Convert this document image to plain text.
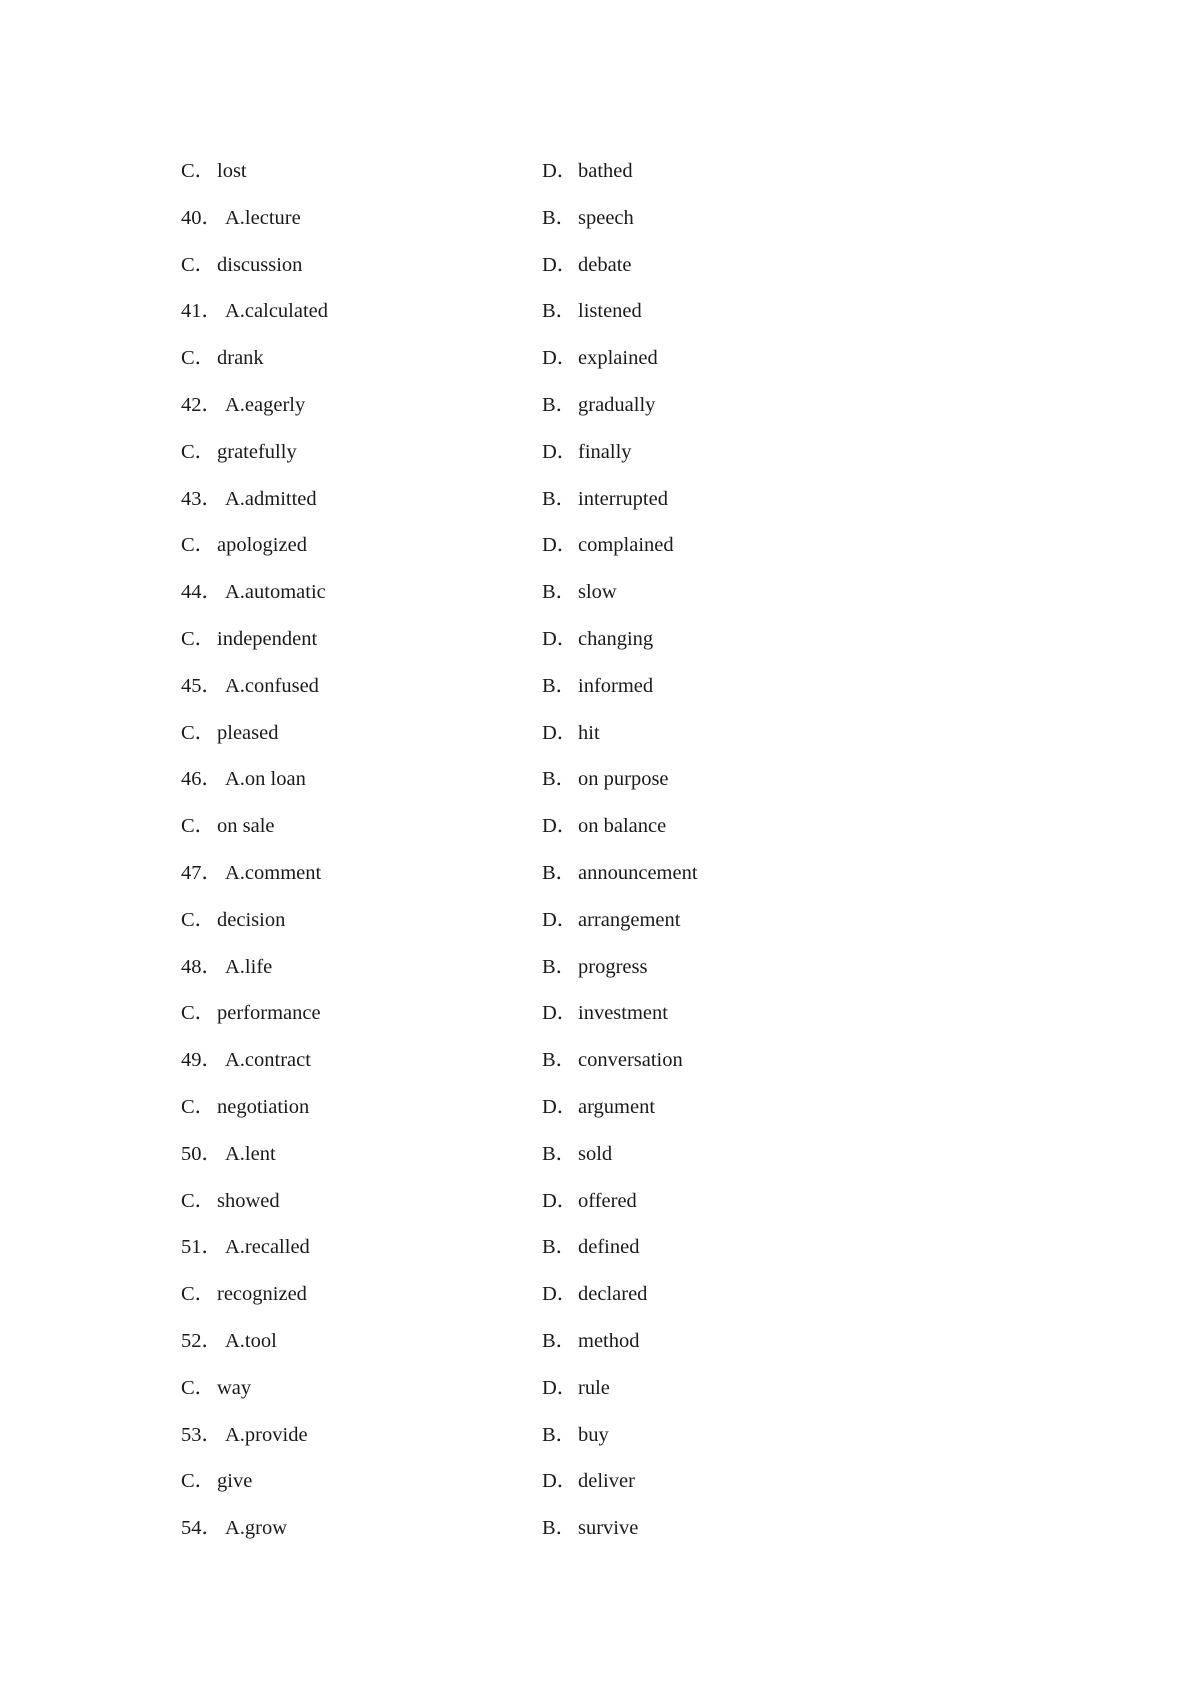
C．lost	D．bathed
40． A.lecture	B．speech
C．discussion	D．debate
41． A.calculated	B．listened
C．drank	D．explained
42． A.eagerly	B．gradually
C．gratefully	D．finally
43． A.admitted	B．interrupted
C．apologized	D．complained
44． A.automatic	B．slow
C．independent	D．changing
45． A.confused	B．informed
C．pleased	D．hit
46． A.on loan	B．on purpose
C．on sale	D．on balance
47． A.comment	B．announcement
C．decision	D．arrangement
48． A.life	B．progress
C．performance	D．investment
49． A.contract	B．conversation
C．negotiation	D．argument
50． A.lent	B．sold
C．showed	D．offered
51． A.recalled	B．defined
C．recognized	D．declared
52． A.tool	B．method
C．way	D．rule
53． A.provide	B．buy
C．give	D．deliver
54． A.grow	B．survive
